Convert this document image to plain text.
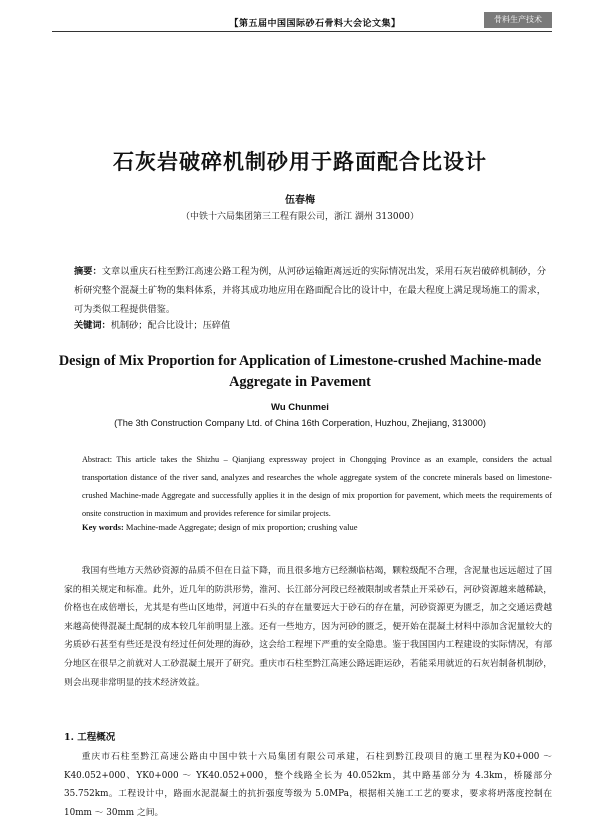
【第五届中国国际砂石骨料大会论文集】	骨料生产技术
石灰岩破碎机制砂用于路面配合比设计
伍春梅
（中铁十六局集团第三工程有限公司，浙江 湖州 313000）
摘要：文章以重庆石柱至黔江高速公路工程为例，从河砂运输距离远近的实际情况出发，采用石灰岩破碎机制砂，分析研究整个混凝土矿物的集料体系，并将其成功地应用在路面配合比的设计中，在最大程度上满足现场施工的需求，可为类似工程提供借鉴。
关键词：机制砂；配合比设计；压碎值
Design of Mix Proportion for Application of Limestone-crushed Machine-made Aggregate in Pavement
Wu Chunmei
(The 3th Construction Company Ltd. of China 16th Corperation, Huzhou, Zhejiang, 313000)
Abstract: This article takes the Shizhu – Qianjiang expressway project in Chongqing Province as an example, considers the actual transportation distance of the river sand, analyzes and researches the whole aggregate system of the concrete minerals based on limestone-crushed Machine-made Aggregate and successfully applies it in the design of mix proportion for pavement, which meets the requirements of onsite construction in maximum and provides reference for similar projects.
Key words: Machine-made Aggregate; design of mix proportion; crushing value
我国有些地方天然砂资源的品质不但在日益下降，而且很多地方已经濒临枯竭，颗粒级配不合理，含泥量也远远超过了国家的相关规定和标准。此外，近几年的防洪形势，淮河、长江部分河段已经被限制或者禁止开采砂石，河砂资源越来越稀缺，价格也在成倍增长，尤其是有些山区地带，河道中石头的存在量要远大于砂石的存在量，河砂资源更为匮乏，加之交通运费越来越高使得混凝土配制的成本较几年前明显上涨。还有一些地方，因为河砂的匮乏，便开始在混凝土材料中添加含泥量较大的劣质砂石甚至有些还是没有经过任何处理的海砂，这会给工程埋下严重的安全隐患。鉴于我国国内工程建设的实际情况，有部分地区在很早之前就对人工砂混凝土展开了研究。重庆市石柱至黔江高速公路远距运砂，若能采用就近的石灰岩制备机制砂，则会出现非常明显的技术经济效益。
1. 工程概况
重庆市石柱至黔江高速公路由中国中铁十六局集团有限公司承建，石柱到黔江段项目的施工里程为K0+000 ～ K40.052+000、YK0+000 ～ YK40.052+000，整个线路全长为 40.052km，其中路基部分为 4.3km，桥隧部分 35.752km。工程设计中，路面水泥混凝土的抗折强度等级为 5.0MPa，根据相关施工工艺的要求，要求将坍落度控制在 10mm ～ 30mm 之间。
